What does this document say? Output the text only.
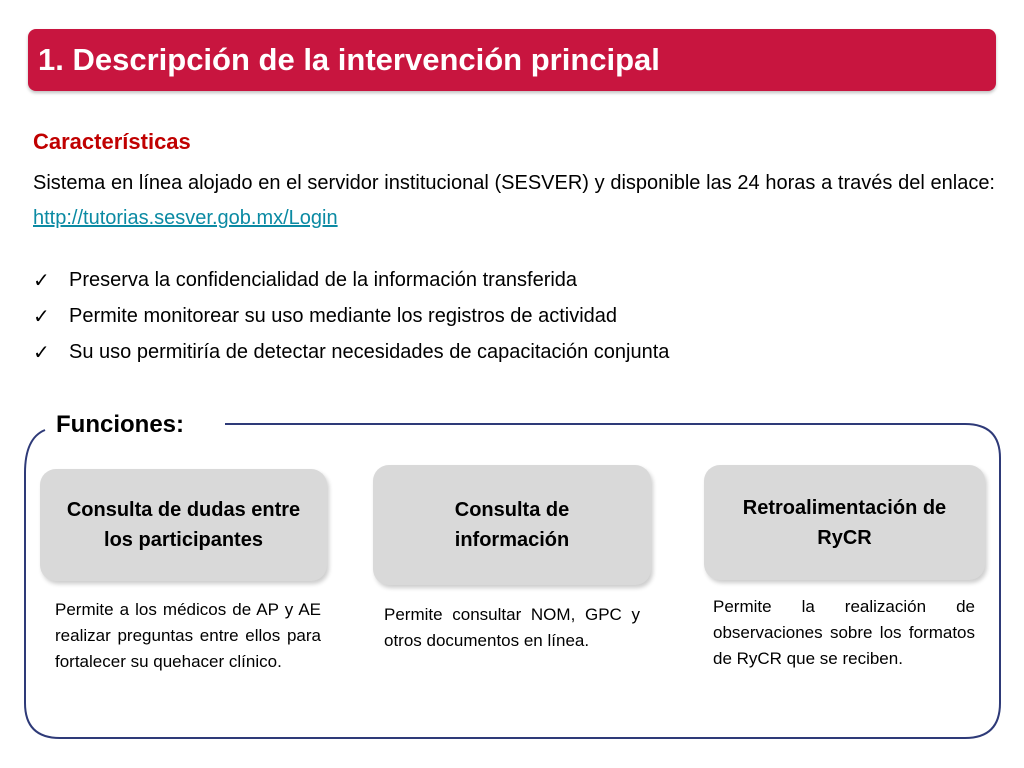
1. Descripción de la intervención principal
Características

Sistema en línea alojado en el servidor institucional (SESVER) y disponible las 24 horas a través del enlace: http://tutorias.sesver.gob.mx/Login

✓ Preserva la confidencialidad de la información transferida
✓ Permite monitorear su uso mediante los registros de actividad
✓ Su uso permitiría de detectar necesidades de capacitación conjunta
Funciones:
Consulta de dudas entre los participantes

Permite a los médicos de AP y AE realizar preguntas entre ellos para fortalecer su quehacer clínico.

Consulta de información

Permite consultar NOM, GPC y otros documentos en línea.

Retroalimentación de RyCR

Permite la realización de observaciones sobre los formatos de RyCR que se reciben.
